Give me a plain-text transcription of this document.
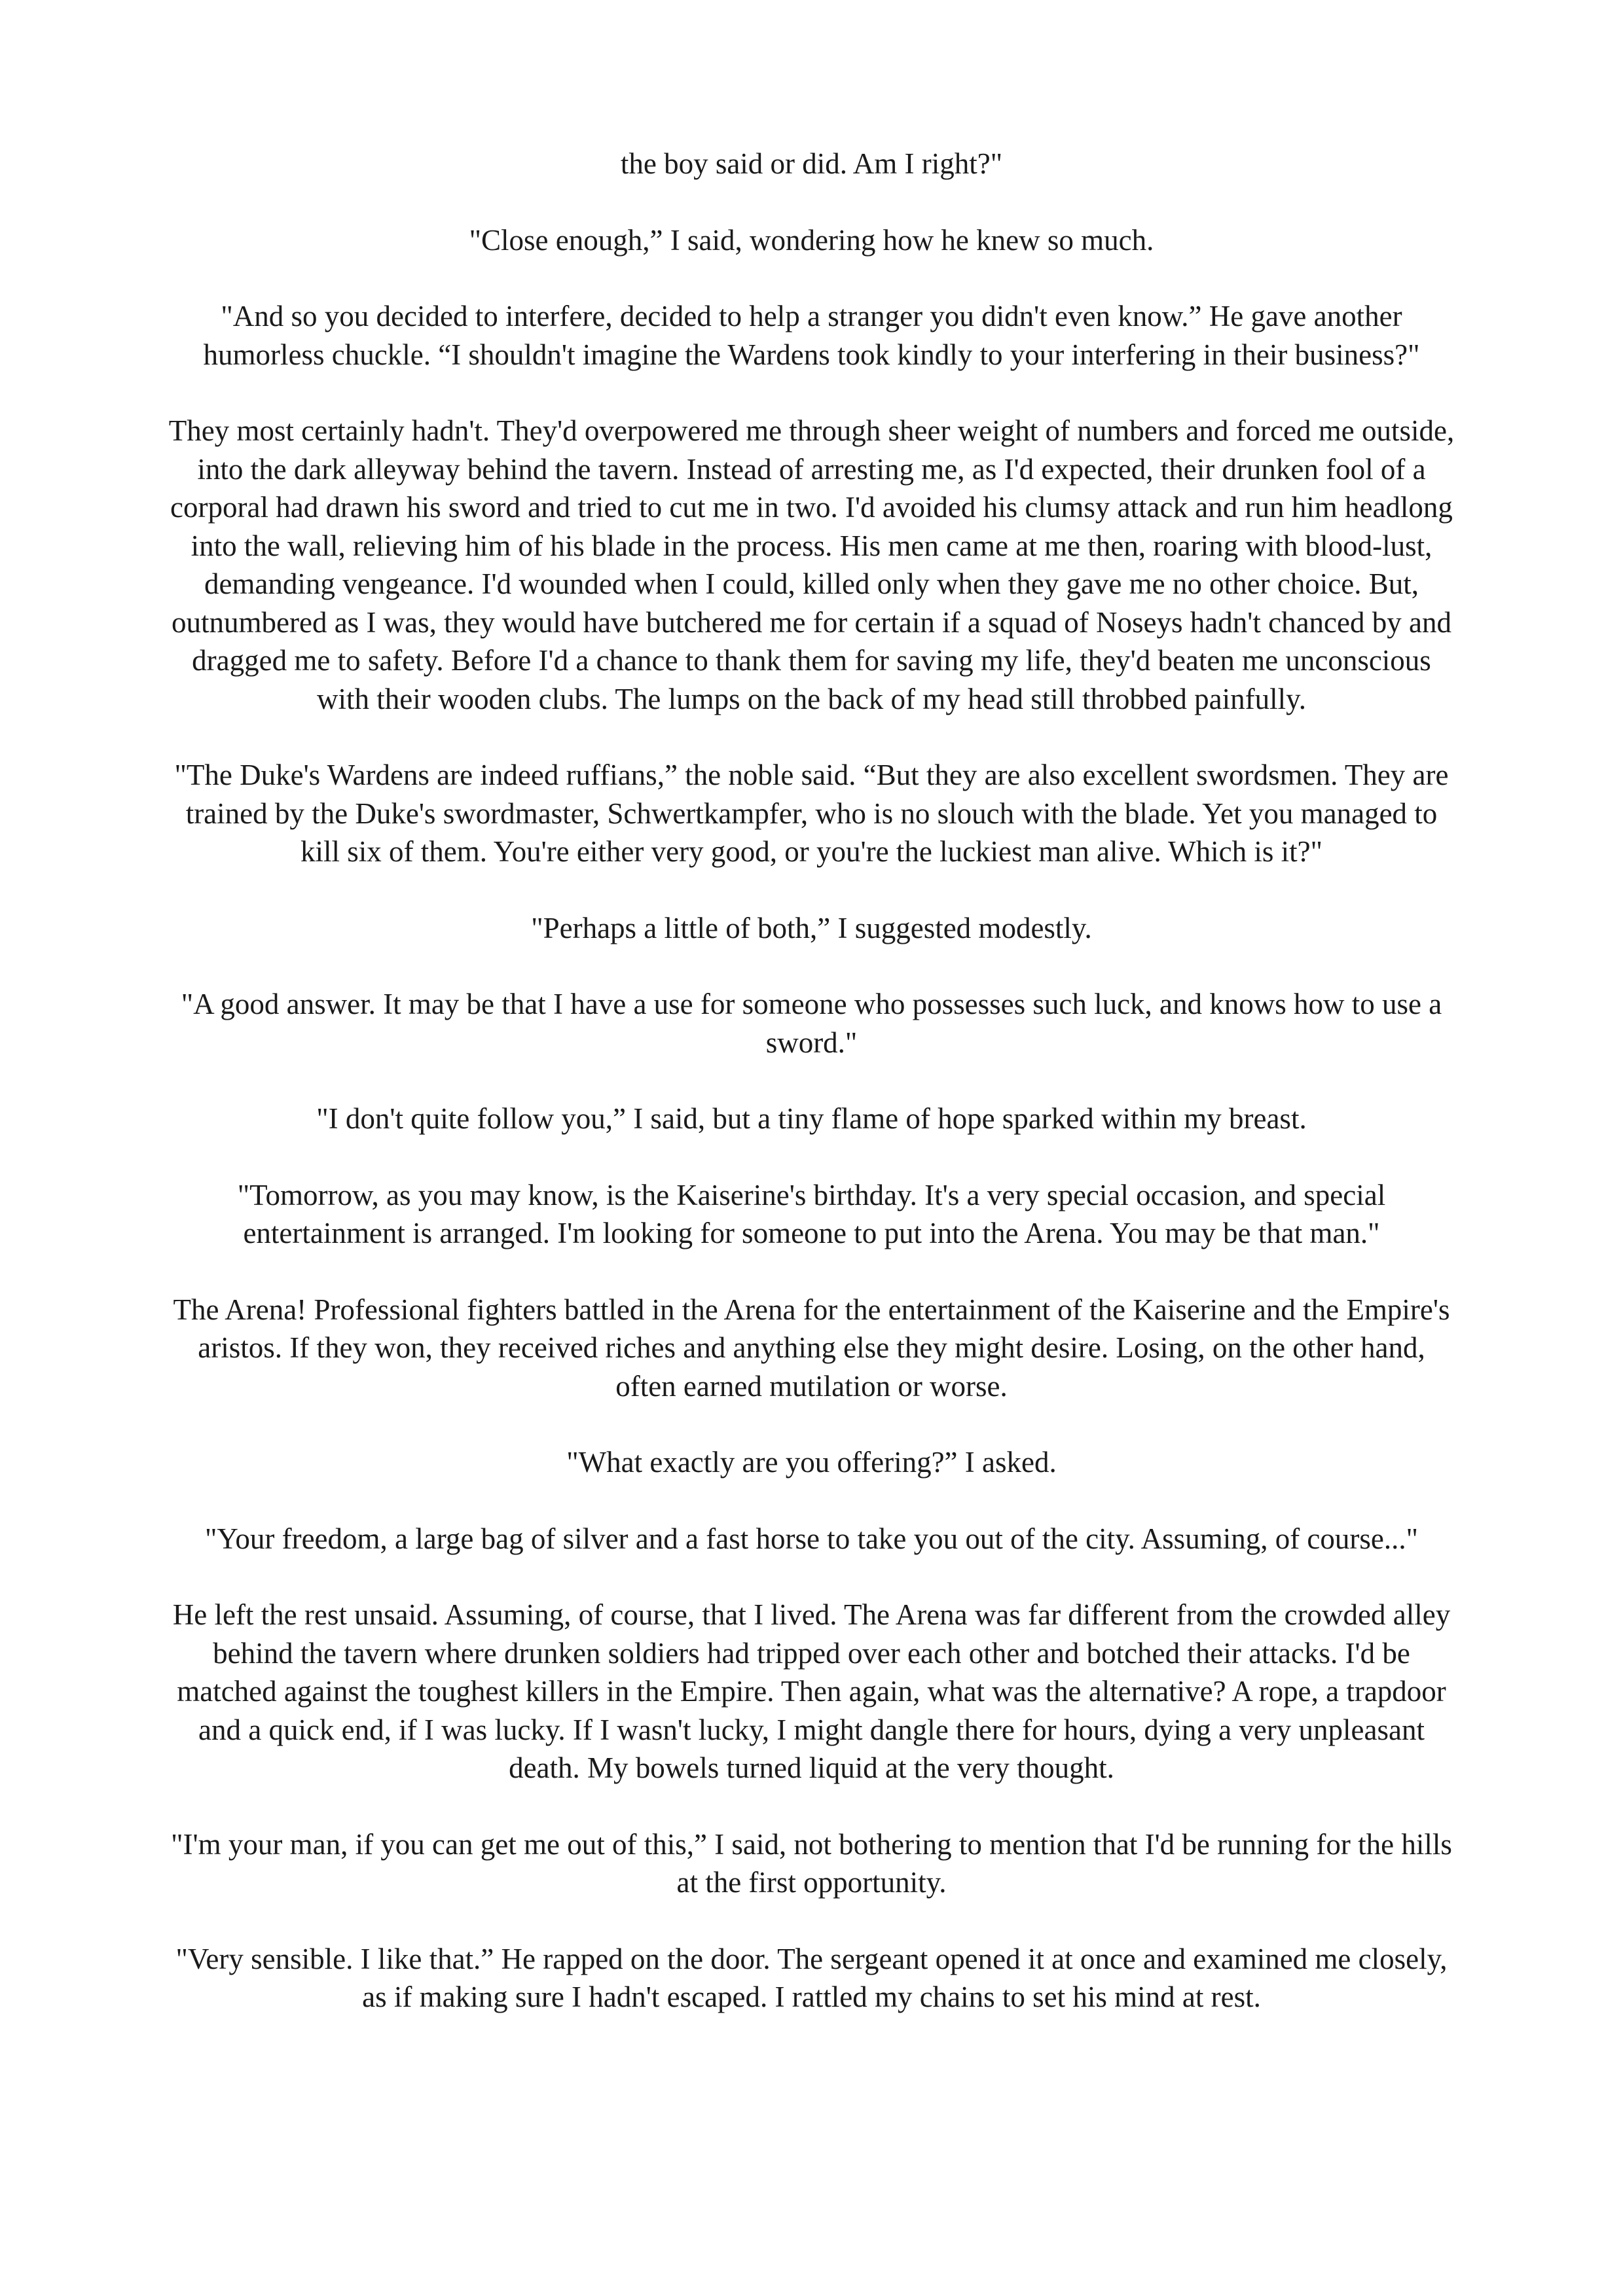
the boy said or did. Am I right?"

"Close enough,” I said, wondering how he knew so much.

"And so you decided to interfere, decided to help a stranger you didn't even know.” He gave another humorless chuckle. “I shouldn't imagine the Wardens took kindly to your interfering in their business?"

They most certainly hadn't. They'd overpowered me through sheer weight of numbers and forced me outside, into the dark alleyway behind the tavern. Instead of arresting me, as I'd expected, their drunken fool of a corporal had drawn his sword and tried to cut me in two. I'd avoided his clumsy attack and run him headlong into the wall, relieving him of his blade in the process. His men came at me then, roaring with blood-lust, demanding vengeance. I'd wounded when I could, killed only when they gave me no other choice. But, outnumbered as I was, they would have butchered me for certain if a squad of Noseys hadn't chanced by and dragged me to safety. Before I'd a chance to thank them for saving my life, they'd beaten me unconscious with their wooden clubs. The lumps on the back of my head still throbbed painfully.

"The Duke's Wardens are indeed ruffians,” the noble said. “But they are also excellent swordsmen. They are trained by the Duke's swordmaster, Schwertkampfer, who is no slouch with the blade. Yet you managed to kill six of them. You're either very good, or you're the luckiest man alive. Which is it?"

"Perhaps a little of both,” I suggested modestly.

"A good answer. It may be that I have a use for someone who possesses such luck, and knows how to use a sword."

"I don't quite follow you,” I said, but a tiny flame of hope sparked within my breast.

"Tomorrow, as you may know, is the Kaiserine's birthday. It's a very special occasion, and special entertainment is arranged. I'm looking for someone to put into the Arena. You may be that man."

The Arena! Professional fighters battled in the Arena for the entertainment of the Kaiserine and the Empire's aristos. If they won, they received riches and anything else they might desire. Losing, on the other hand, often earned mutilation or worse.

"What exactly are you offering?” I asked.

"Your freedom, a large bag of silver and a fast horse to take you out of the city. Assuming, of course..."

He left the rest unsaid. Assuming, of course, that I lived. The Arena was far different from the crowded alley behind the tavern where drunken soldiers had tripped over each other and botched their attacks. I'd be matched against the toughest killers in the Empire. Then again, what was the alternative? A rope, a trapdoor and a quick end, if I was lucky. If I wasn't lucky, I might dangle there for hours, dying a very unpleasant death. My bowels turned liquid at the very thought.

"I'm your man, if you can get me out of this,” I said, not bothering to mention that I'd be running for the hills at the first opportunity.

"Very sensible. I like that.” He rapped on the door. The sergeant opened it at once and examined me closely, as if making sure I hadn't escaped. I rattled my chains to set his mind at rest.
